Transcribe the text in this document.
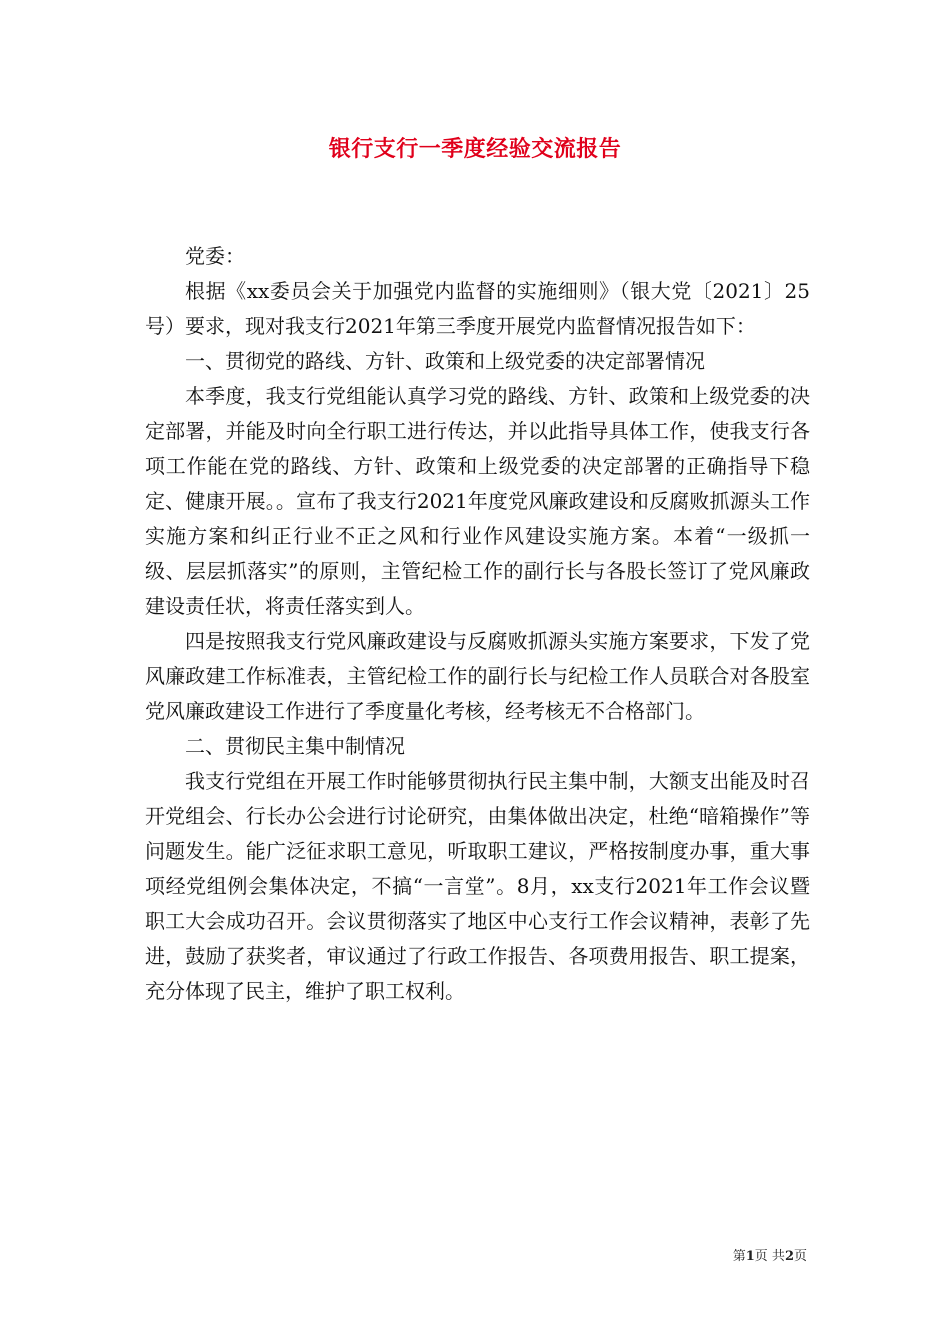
银行支行一季度经验交流报告

党委：

根据《xx委员会关于加强党内监督的实施细则》（银大党〔2021〕25号）要求，现对我支行2021年第三季度开展党内监督情况报告如下：

一、贯彻党的路线、方针、政策和上级党委的决定部署情况

本季度，我支行党组能认真学习党的路线、方针、政策和上级党委的决定部署，并能及时向全行职工进行传达，并以此指导具体工作，使我支行各项工作能在党的路线、方针、政策和上级党委的决定部署的正确指导下稳定、健康开展。。宣布了我支行2021年度党风廉政建设和反腐败抓源头工作实施方案和纠正行业不正之风和行业作风建设实施方案。本着“一级抓一级、层层抓落实”的原则，主管纪检工作的副行长与各股长签订了党风廉政建设责任状，将责任落实到人。

四是按照我支行党风廉政建设与反腐败抓源头实施方案要求，下发了党风廉政建工作标准表，主管纪检工作的副行长与纪检工作人员联合对各股室党风廉政建设工作进行了季度量化考核，经考核无不合格部门。

二、贯彻民主集中制情况

我支行党组在开展工作时能够贯彻执行民主集中制，大额支出能及时召开党组会、行长办公会进行讨论研究，由集体做出决定，杜绝“暗箱操作”等问题发生。能广泛征求职工意见，听取职工建议，严格按制度办事，重大事项经党组例会集体决定，不搞“一言堂”。8月，xx支行2021年工作会议暨职工大会成功召开。会议贯彻落实了地区中心支行工作会议精神，表彰了先进，鼓励了获奖者，审议通过了行政工作报告、各项费用报告、职工提案，充分体现了民主，维护了职工权利。

第1页 共2页
